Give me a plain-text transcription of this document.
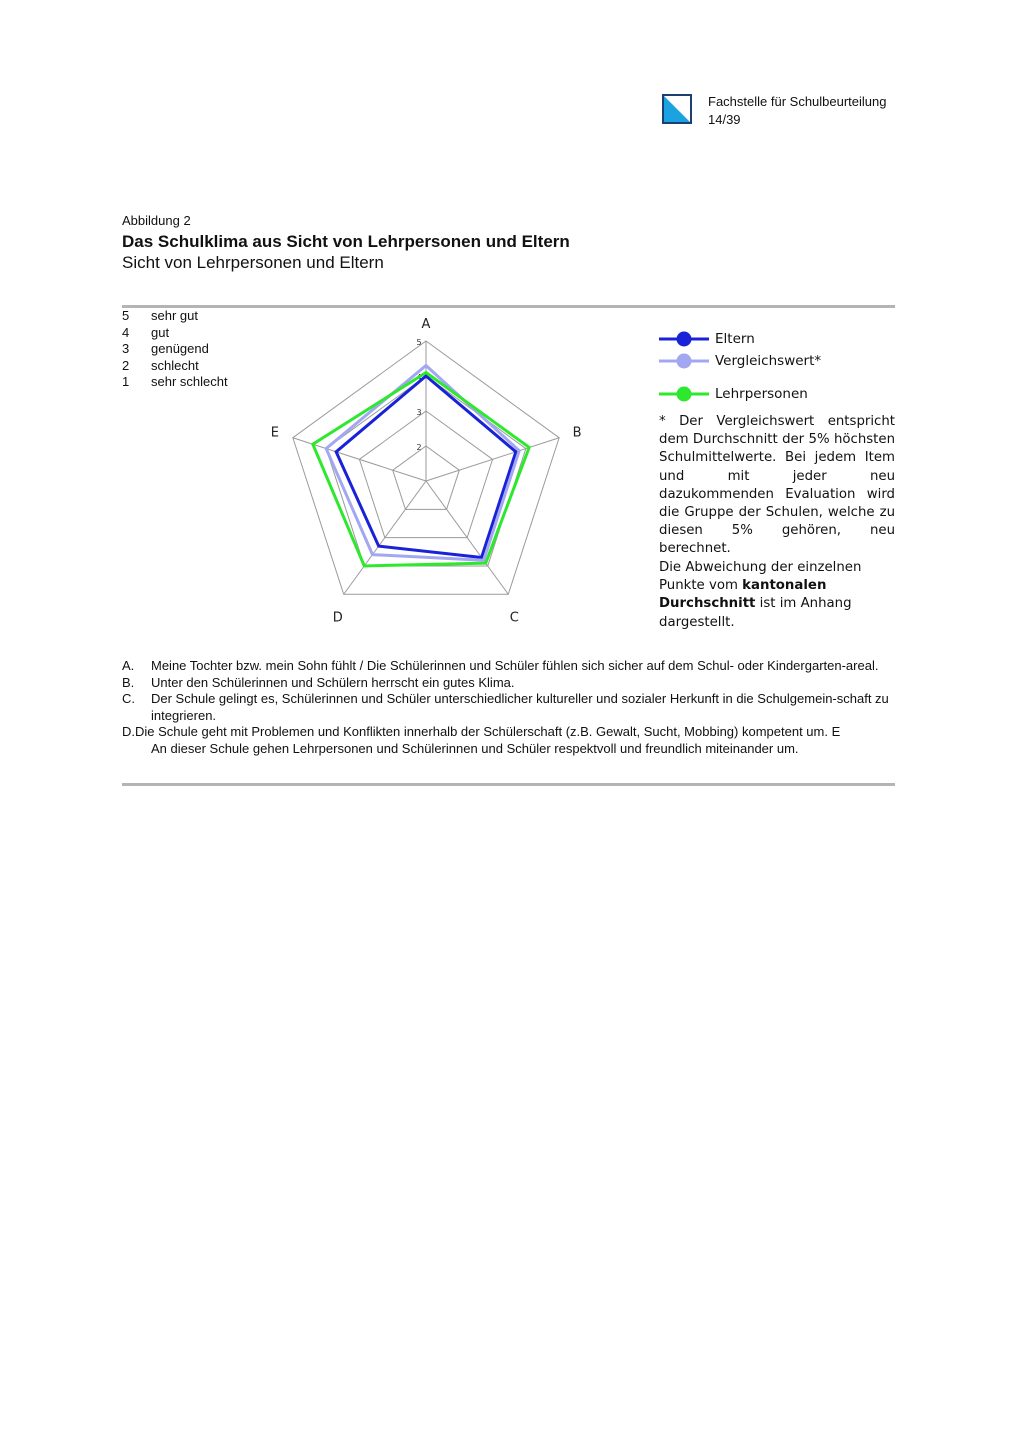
Fachstelle für Schulbeurteilung
14/39
Abbildung 2
Das Schulklima aus Sicht von Lehrpersonen und Eltern
Sicht von Lehrpersonen und Eltern
5	sehr gut
4	gut
3	genügend
2	schlecht
1	sehr schlecht
2
3
4
5
A
B
C
D
E
Eltern
Vergleichswert*
Lehrpersonen
* Der Vergleichswert entspricht dem Durchschnitt der 5% höchsten Schulmittelwerte. Bei jedem Item und mit jeder neu dazukommenden Evaluation wird die Gruppe der Schulen, welche zu diesen 5% gehören, neu berechnet.
Die Abweichung der einzelnen Punkte vom kantonalen Durchschnitt ist im Anhang dargestellt.
A.	Meine Tochter bzw. mein Sohn fühlt / Die Schülerinnen und Schüler fühlen sich sicher auf dem Schul- oder Kindergarten-areal.
B.	Unter den Schülerinnen und Schülern herrscht ein gutes Klima.
C.	Der Schule gelingt es, Schülerinnen und Schüler unterschiedlicher kultureller und sozialer Herkunft in die Schulgemein-schaft zu integrieren.
D.Die Schule geht mit Problemen und Konflikten innerhalb der Schülerschaft (z.B. Gewalt, Sucht, Mobbing) kompetent um. E
An dieser Schule gehen Lehrpersonen und Schülerinnen und Schüler respektvoll und freundlich miteinander um.
